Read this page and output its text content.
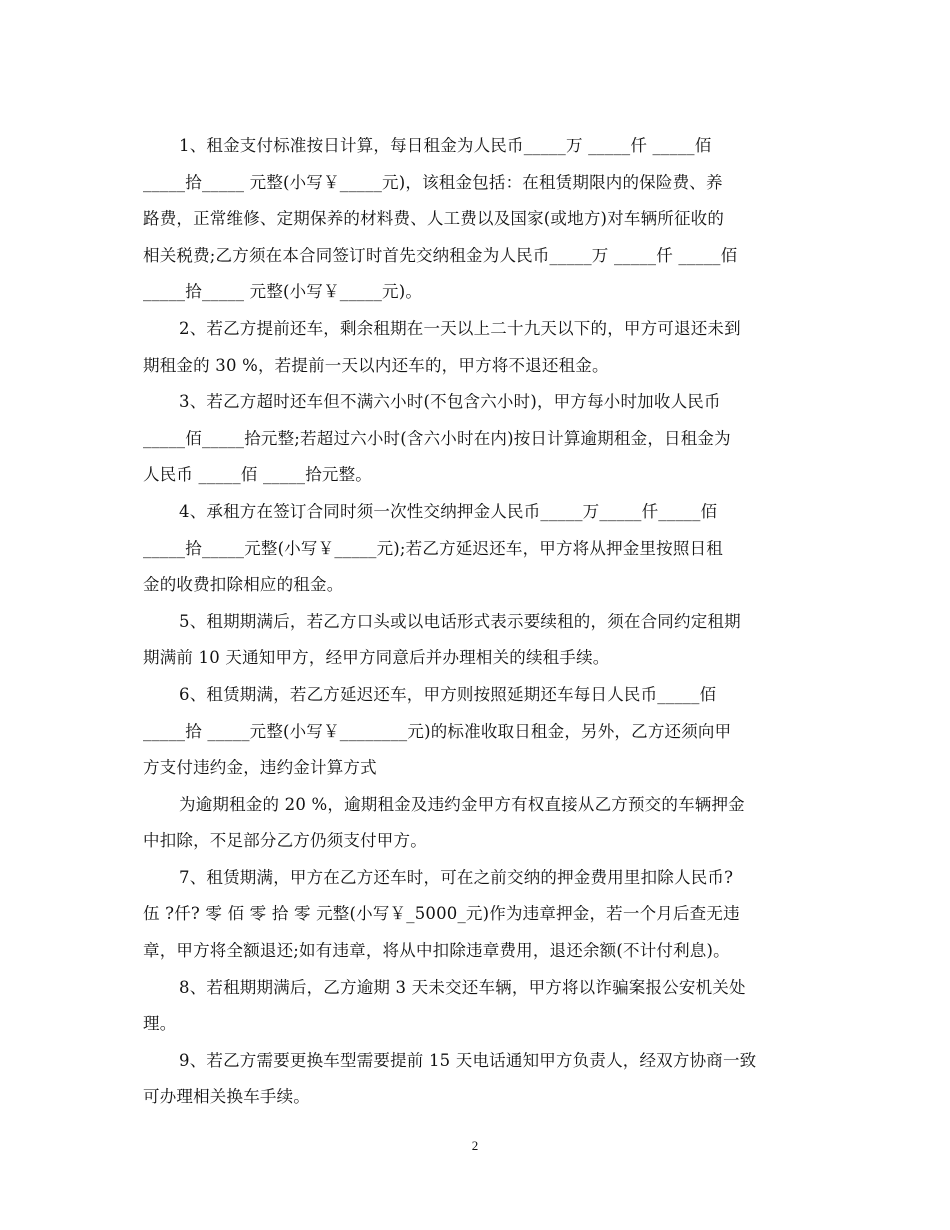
1、租金支付标准按日计算，每日租金为人民币_____万 _____仟 _____佰
_____拾_____ 元整(小写￥_____元)，该租金包括：在租赁期限内的保险费、养
路费，正常维修、定期保养的材料费、人工费以及国家(或地方)对车辆所征收的
相关税费;乙方须在本合同签订时首先交纳租金为人民币_____万 _____仟 _____佰
_____拾_____ 元整(小写￥_____元)。
2、若乙方提前还车，剩余租期在一天以上二十九天以下的，甲方可退还未到
期租金的 30 %，若提前一天以内还车的，甲方将不退还租金。
3、若乙方超时还车但不满六小时(不包含六小时)，甲方每小时加收人民币
_____佰_____拾元整;若超过六小时(含六小时在内)按日计算逾期租金，日租金为
人民币 _____佰 _____拾元整。
4、承租方在签订合同时须一次性交纳押金人民币_____万_____仟_____佰
_____拾_____元整(小写￥_____元);若乙方延迟还车，甲方将从押金里按照日租
金的收费扣除相应的租金。
5、租期期满后，若乙方口头或以电话形式表示要续租的，须在合同约定租期
期满前 10 天通知甲方，经甲方同意后并办理相关的续租手续。
6、租赁期满，若乙方延迟还车，甲方则按照延期还车每日人民币_____佰
_____拾 _____元整(小写￥________元)的标准收取日租金，另外，乙方还须向甲
方支付违约金，违约金计算方式
为逾期租金的 20 %，逾期租金及违约金甲方有权直接从乙方预交的车辆押金
中扣除，不足部分乙方仍须支付甲方。
7、租赁期满，甲方在乙方还车时，可在之前交纳的押金费用里扣除人民币?
伍 ?仟? 零 佰 零 拾 零 元整(小写￥_5000_元)作为违章押金，若一个月后查无违
章，甲方将全额退还;如有违章，将从中扣除违章费用，退还余额(不计付利息)。
8、若租期期满后，乙方逾期 3 天未交还车辆，甲方将以诈骗案报公安机关处
理。
9、若乙方需要更换车型需要提前 15 天电话通知甲方负责人，经双方协商一致
可办理相关换车手续。
2
